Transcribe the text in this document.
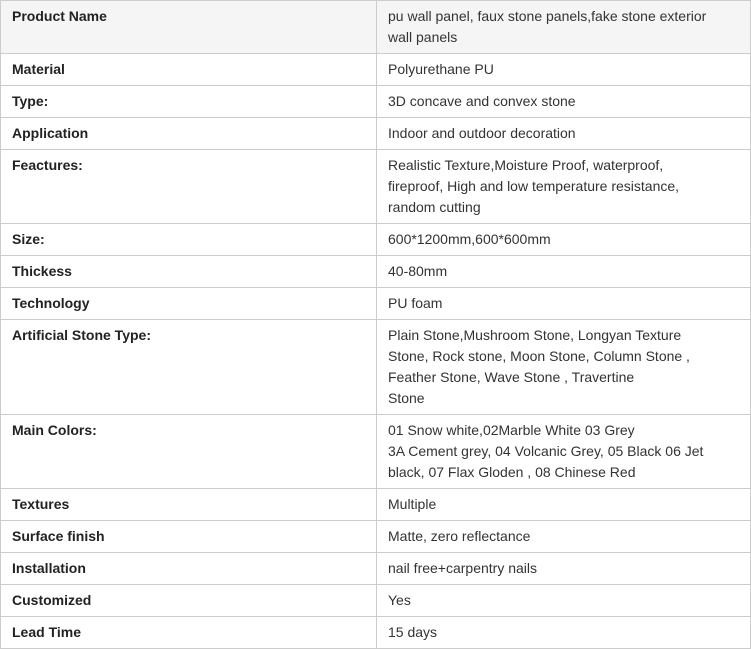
Product Name	pu wall panel, faux stone panels,fake stone exterior
wall panels

Material	Polyurethane PU

Type:	3D concave and convex stone

Application	Indoor and outdoor decoration

Feactures:	Realistic Texture,Moisture Proof, waterproof,
fireproof, High and low temperature resistance,
random cutting

Size:	600*1200mm,600*600mm

Thickess	40-80mm

Technology	PU foam

Artificial Stone Type:	Plain Stone,Mushroom Stone, Longyan Texture
Stone, Rock stone, Moon Stone, Column Stone ,
Feather Stone, Wave Stone , Travertine
Stone

Main Colors:	01 Snow white,02Marble White 03 Grey
3A Cement grey, 04 Volcanic Grey, 05 Black 06 Jet
black, 07 Flax Gloden , 08 Chinese Red

Textures	Multiple

Surface finish	Matte, zero reflectance

Installation	nail free+carpentry nails

Customized	Yes

Lead Time	15 days
